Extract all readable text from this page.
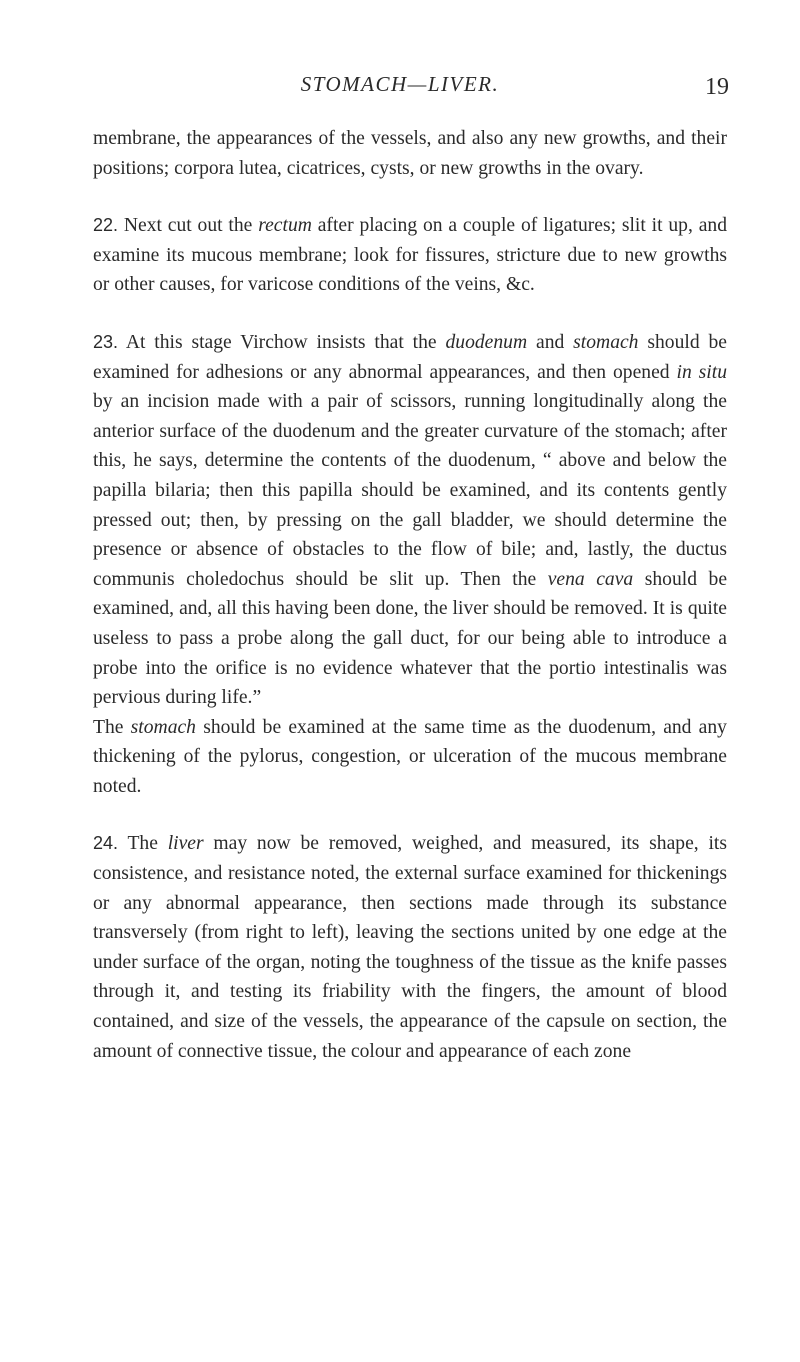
STOMACH—LIVER.	19

membrane, the appearances of the vessels, and also any new growths, and their positions; corpora lutea, cicatrices, cysts, or new growths in the ovary.

22. Next cut out the rectum after placing on a couple of ligatures; slit it up, and examine its mucous membrane; look for fissures, stricture due to new growths or other causes, for varicose conditions of the veins, &c.

23. At this stage Virchow insists that the duodenum and stomach should be examined for adhesions or any abnormal appearances, and then opened in situ by an incision made with a pair of scissors, running longitudinally along the anterior surface of the duodenum and the greater curvature of the stomach; after this, he says, determine the contents of the duodenum, “ above and below the papilla bilaria; then this papilla should be examined, and its contents gently pressed out; then, by pressing on the gall bladder, we should determine the presence or absence of obstacles to the flow of bile; and, lastly, the ductus communis choledochus should be slit up. Then the vena cava should be examined, and, all this having been done, the liver should be removed. It is quite useless to pass a probe along the gall duct, for our being able to introduce a probe into the orifice is no evidence whatever that the portio intestinalis was pervious during life.”

The stomach should be examined at the same time as the duodenum, and any thickening of the pylorus, congestion, or ulceration of the mucous membrane noted.

24. The liver may now be removed, weighed, and measured, its shape, its consistence, and resistance noted, the external surface examined for thickenings or any abnormal appearance, then sections made through its substance transversely (from right to left), leaving the sections united by one edge at the under surface of the organ, noting the toughness of the tissue as the knife passes through it, and testing its friability with the fingers, the amount of blood contained, and size of the vessels, the appearance of the capsule on section, the amount of connective tissue, the colour and appearance of each zone
